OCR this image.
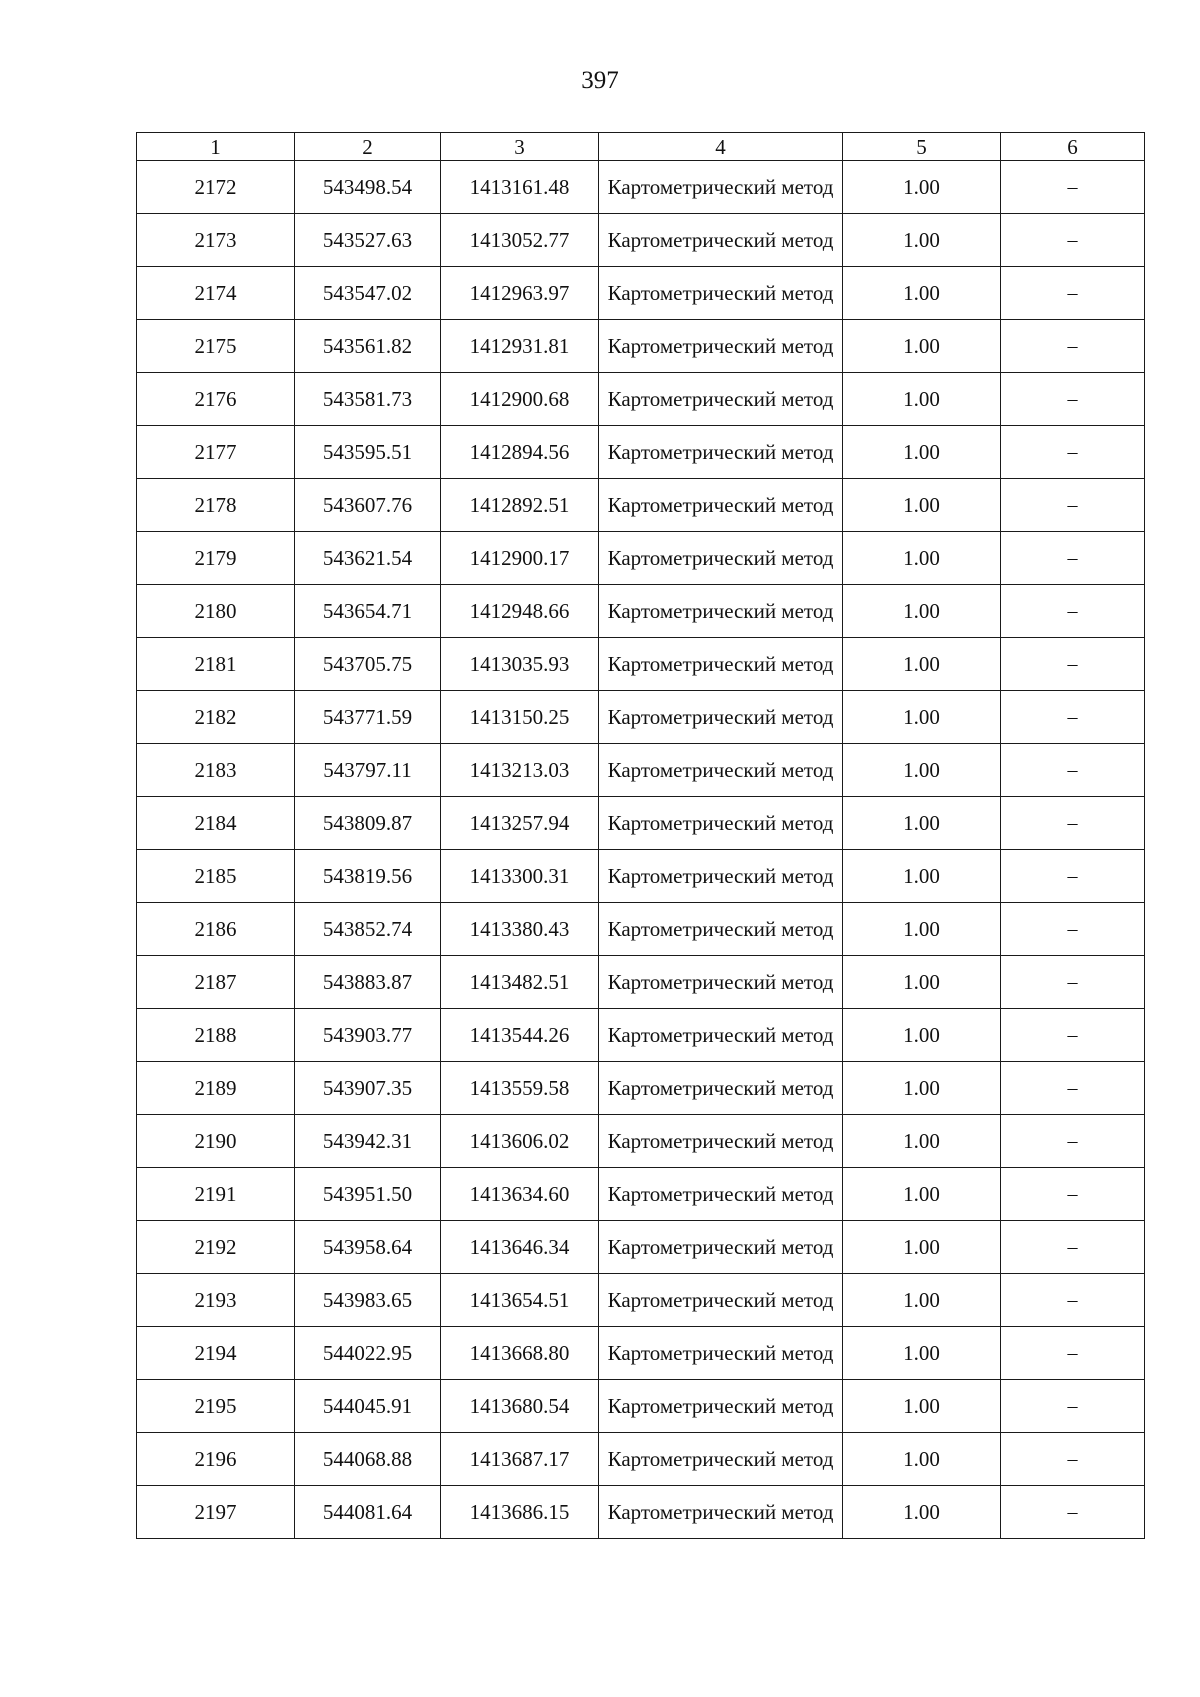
397
1	2	3	4	5	6
2172	543498.54	1413161.48	Картометрический метод	1.00	–
2173	543527.63	1413052.77	Картометрический метод	1.00	–
2174	543547.02	1412963.97	Картометрический метод	1.00	–
2175	543561.82	1412931.81	Картометрический метод	1.00	–
2176	543581.73	1412900.68	Картометрический метод	1.00	–
2177	543595.51	1412894.56	Картометрический метод	1.00	–
2178	543607.76	1412892.51	Картометрический метод	1.00	–
2179	543621.54	1412900.17	Картометрический метод	1.00	–
2180	543654.71	1412948.66	Картометрический метод	1.00	–
2181	543705.75	1413035.93	Картометрический метод	1.00	–
2182	543771.59	1413150.25	Картометрический метод	1.00	–
2183	543797.11	1413213.03	Картометрический метод	1.00	–
2184	543809.87	1413257.94	Картометрический метод	1.00	–
2185	543819.56	1413300.31	Картометрический метод	1.00	–
2186	543852.74	1413380.43	Картометрический метод	1.00	–
2187	543883.87	1413482.51	Картометрический метод	1.00	–
2188	543903.77	1413544.26	Картометрический метод	1.00	–
2189	543907.35	1413559.58	Картометрический метод	1.00	–
2190	543942.31	1413606.02	Картометрический метод	1.00	–
2191	543951.50	1413634.60	Картометрический метод	1.00	–
2192	543958.64	1413646.34	Картометрический метод	1.00	–
2193	543983.65	1413654.51	Картометрический метод	1.00	–
2194	544022.95	1413668.80	Картометрический метод	1.00	–
2195	544045.91	1413680.54	Картометрический метод	1.00	–
2196	544068.88	1413687.17	Картометрический метод	1.00	–
2197	544081.64	1413686.15	Картометрический метод	1.00	–
